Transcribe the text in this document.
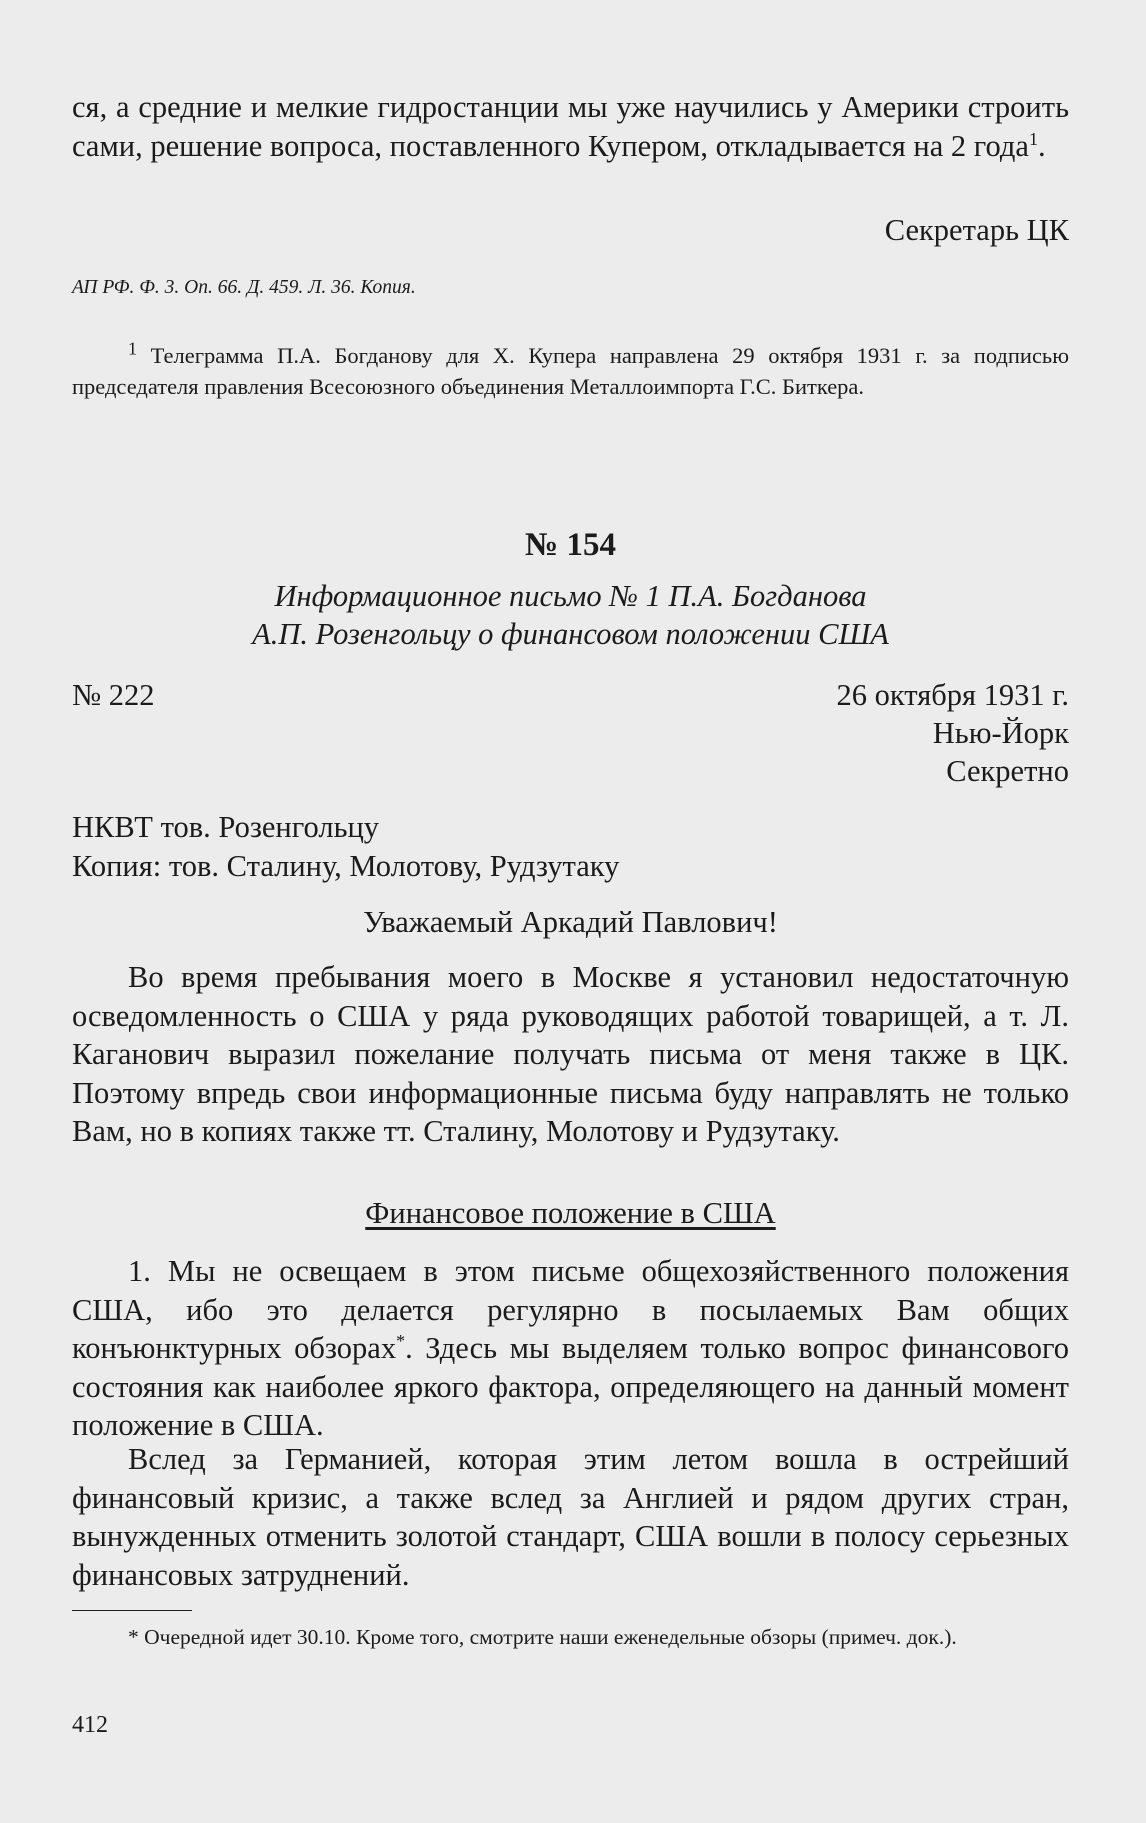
ся, а средние и мелкие гидростанции мы уже научились у Америки строить сами, решение вопроса, поставленного Купером, откладывается на 2 года$^1$.

Секретарь ЦК

АП РФ. Ф. 3. Оп. 66. Д. 459. Л. 36. Копия.

$^1$ Телеграмма П.А. Богданову для Х. Купера направлена 29 октября 1931 г. за подписью председателя правления Всесоюзного объединения Металлоимпорта Г.С. Биткера.

№ 154

Информационное письмо № 1 П.А. Богданова

А.П. Розенгольцу о финансовом положении США

№ 222	26 октября 1931 г.

Нью-Йорк

Секретно

НКВТ тов. Розенгольцу

Копия: тов. Сталину, Молотову, Рудзутаку

Уважаемый Аркадий Павлович!

Во время пребывания моего в Москве я установил недостаточную осведомленность о США у ряда руководящих работой товарищей, а т. Л. Каганович выразил пожелание получать письма от меня также в ЦК. Поэтому впредь свои информационные письма буду направлять не только Вам, но в копиях также тт. Сталину, Молотову и Рудзутаку.

Финансовое положение в США

1. Мы не освещаем в этом письме общехозяйственного положения США, ибо это делается регулярно в посылаемых Вам общих конъюнктурных обзорах*. Здесь мы выделяем только вопрос финансового состояния как наиболее яркого фактора, определяющего на данный момент положение в США.

Вслед за Германией, которая этим летом вошла в острейший финансовый кризис, а также вслед за Англией и рядом других стран, вынужденных отменить золотой стандарт, США вошли в полосу серьезных финансовых затруднений.

* Очередной идет 30.10. Кроме того, смотрите наши еженедельные обзоры (примеч. док.).

412
